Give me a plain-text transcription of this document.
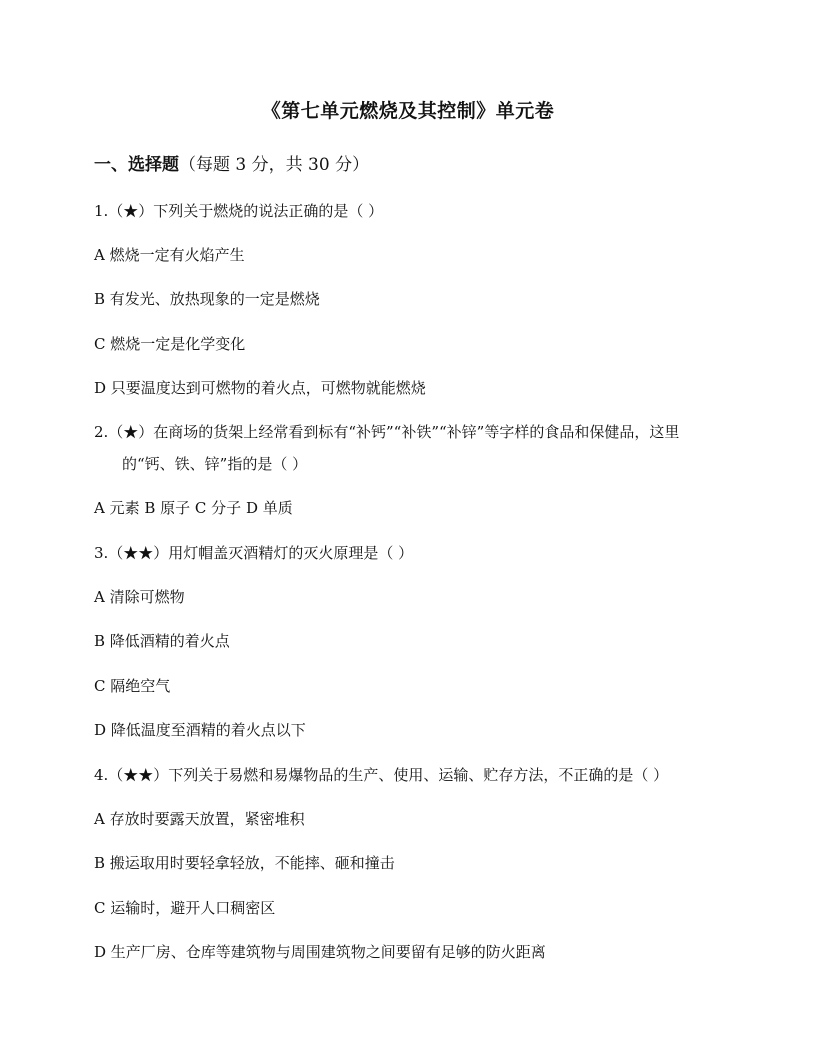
《第七单元燃烧及其控制》单元卷
一、选择题（每题 3 分，共 30 分）
1.（★）下列关于燃烧的说法正确的是（ ）
A 燃烧一定有火焰产生
B 有发光、放热现象的一定是燃烧
C 燃烧一定是化学变化
D 只要温度达到可燃物的着火点，可燃物就能燃烧
2.（★）在商场的货架上经常看到标有“补钙”“补铁”“补锌”等字样的食品和保健品，这里
的“钙、铁、锌”指的是（ ）
A 元素 B 原子 C 分子 D 单质
3.（★★）用灯帽盖灭酒精灯的灭火原理是（ ）
A 清除可燃物
B 降低酒精的着火点
C 隔绝空气
D 降低温度至酒精的着火点以下
4.（★★）下列关于易燃和易爆物品的生产、使用、运输、贮存方法，不正确的是（ ）
A 存放时要露天放置，紧密堆积
B 搬运取用时要轻拿轻放，不能摔、砸和撞击
C 运输时，避开人口稠密区
D 生产厂房、仓库等建筑物与周围建筑物之间要留有足够的防火距离
